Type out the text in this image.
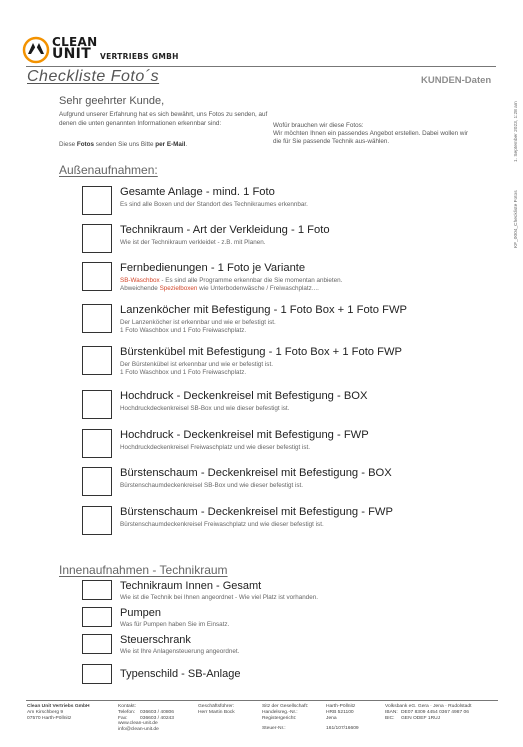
CLEAN
UNIT	VERTRIEBS GMBH
Checkliste Foto´s	KUNDEN-Daten
KF_0004_Checkliste Fotos
1. September 2023, 1:28 am
Sehr geehrter Kunde,
Aufgrund unserer Erfahrung hat es sich bewährt, uns Fotos zu senden, auf denen die unten genannten Informationen erkennbar sind:
Diese Fotos senden Sie uns Bitte per E-Mail.
Wofür brauchen wir diese Fotos:
Wir möchten Ihnen ein passendes Angebot erstellen. Dabei wollen wir die für Sie passende Technik aus-wählen.
Außenaufnahmen:
Gesamte Anlage - mind. 1 Foto
Es sind alle Boxen und der Standort des Technikraumes erkennbar.
Technikraum - Art der Verkleidung - 1 Foto
Wie ist der Technikraum verkleidet - z.B. mit Planen.
Fernbedienungen - 1 Foto je Variante
SB-Waschbox - Es sind alle Programme erkennbar die Sie momentan anbieten.
Abweichende Spezielboxen wie Unterbodenwäsche / Freiwaschplatz....
Lanzenköcher mit Befestigung - 1 Foto Box + 1 Foto FWP
Der Lanzenköcher ist erkennbar und wie er befestigt ist.
1 Foto Waschbox und 1 Foto Freiwaschplatz.
Bürstenkübel mit Befestigung - 1 Foto Box + 1 Foto FWP
Der Bürstenkübel ist erkennbar und wie er befestigt ist.
1 Foto Waschbox und 1 Foto Freiwaschplatz.
Hochdruck - Deckenkreisel mit Befestigung - BOX
Hochdruckdeckenkreisel SB-Box und wie dieser befestigt ist.
Hochdruck - Deckenkreisel mit Befestigung - FWP
Hochdruckdeckenkreisel Freiwaschplatz und wie dieser befestigt ist.
Bürstenschaum - Deckenkreisel mit Befestigung - BOX
Bürstenschaumdeckenkreisel SB-Box und wie dieser befestigt ist.
Bürstenschaum - Deckenkreisel mit Befestigung - FWP
Bürstenschaumdeckenkreisel Freiwaschplatz und wie dieser befestigt ist.
Innenaufnahmen - Technikraum
Technikraum Innen - Gesamt
Wie ist die Technik bei Ihnen angeordnet - Wie viel Platz ist vorhanden.
Pumpen
Was für Pumpen haben Sie im Einsatz.
Steuerschrank
Wie ist Ihre Anlagensteuerung angeordnet.
Typenschild - SB-Anlage
Clean Unit Vertriebs GmbH
Am Kirschberg 9
07570 Harth-Pöllnitz
Kontakt:
Telefon: 036603 / 40806
Fax:	036603 / 40243
www.clean-unit.de
info@clean-unit.de
Geschäftsführer:
Herr Martin Bock
Sitz der Gesellschaft:
Handelsreg.-Nr.:
Registergericht:
Steuer-Nr.:
Harth-Pöllnitz
HRB 521100
Jena
161/107/16609
Volksbank eG. Gera · Jena · Rudolstadt
IBAN: DE07 8309 4454 0367 4987 06
BIC:	GEN ODEF 1RUJ
